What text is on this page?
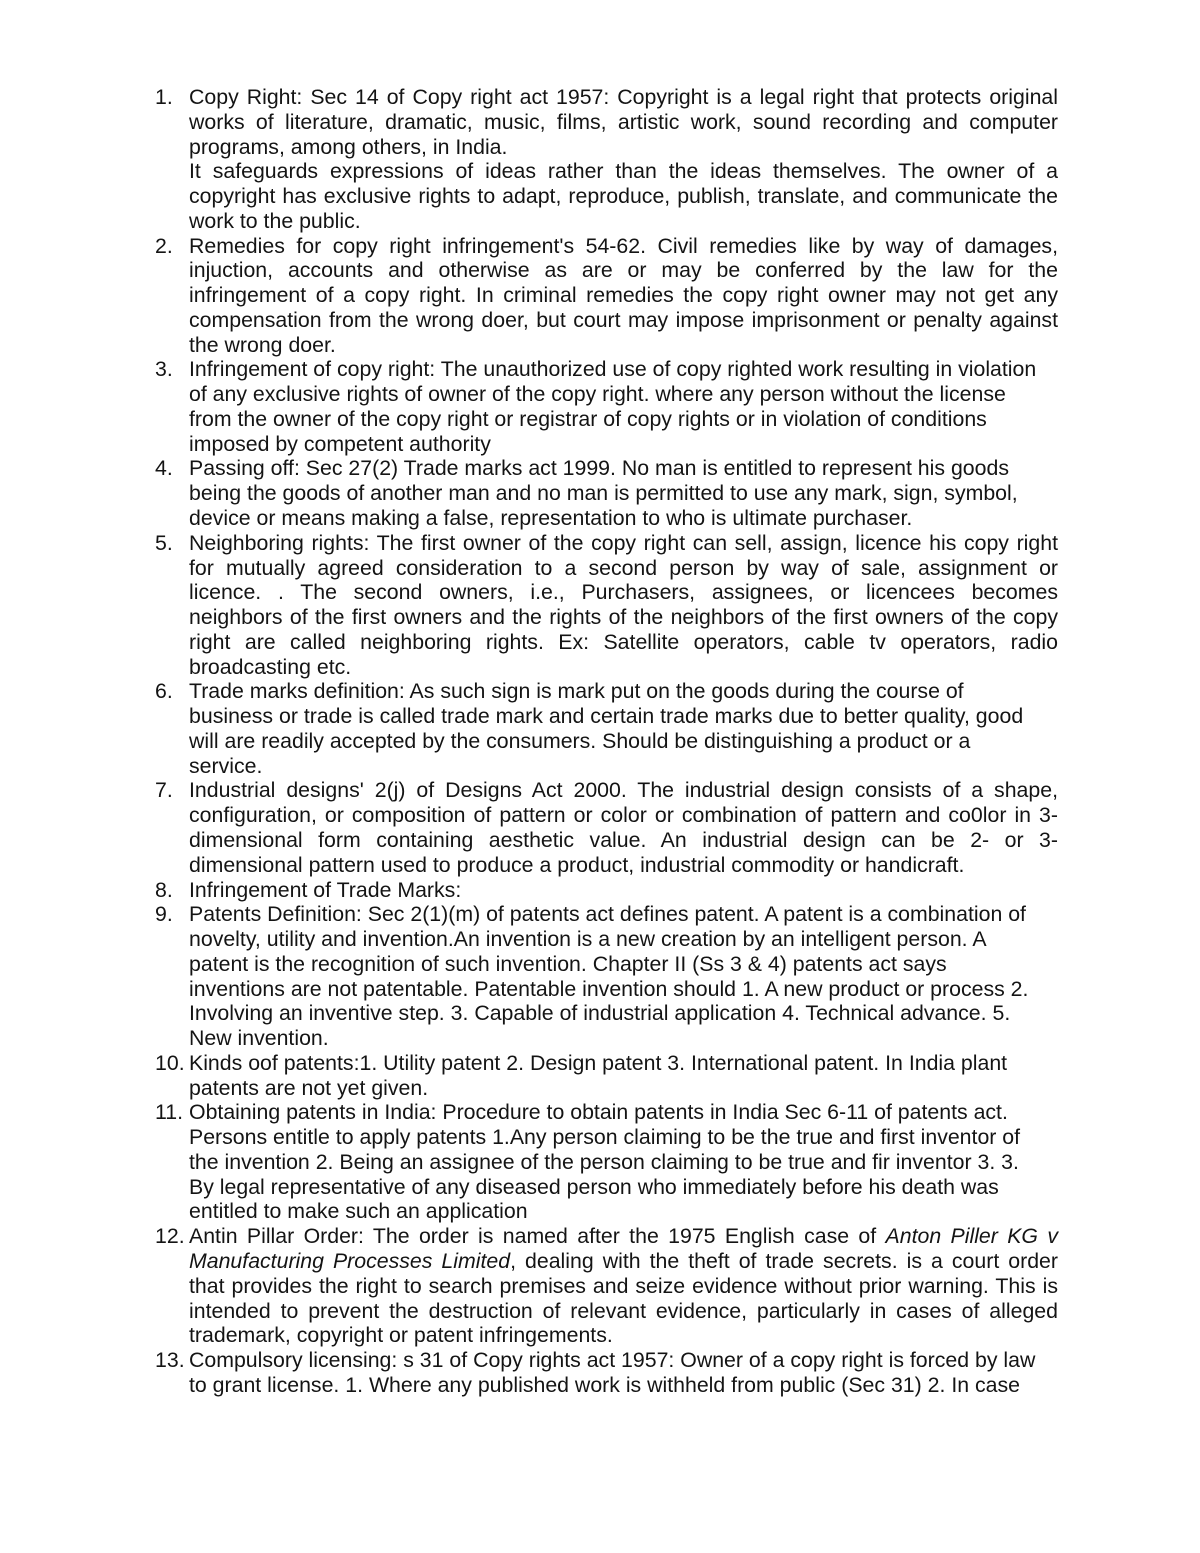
1. Copy Right: Sec 14 of Copy right act 1957: Copyright is a legal right that protects original
works of literature, dramatic, music, films, artistic work, sound recording and computer
programs, among others, in India.
It safeguards expressions of ideas rather than the ideas themselves. The owner of a
copyright has exclusive rights to adapt, reproduce, publish, translate, and communicate the
work to the public.
2. Remedies for copy right infringement's 54-62. Civil remedies like by way of damages,
injuction, accounts and otherwise as are or may be conferred by the law for the
infringement of a copy right. In criminal remedies the copy right owner may not get any
compensation from the wrong doer, but court may impose imprisonment or penalty against
the wrong doer.
3. Infringement of copy right: The unauthorized use of copy righted work resulting in violation
of any exclusive rights of owner of the copy right. where any person without the license
from the owner of the copy right or registrar of copy rights or in violation of conditions
imposed by competent authority
4. Passing off: Sec 27(2) Trade marks act 1999. No man is entitled to represent his goods
being the goods of another man and no man is permitted to use any mark, sign, symbol,
device or means making a false, representation to who is ultimate purchaser.
5. Neighboring rights: The first owner of the copy right can sell, assign, licence his copy right
for mutually agreed consideration to a second person by way of sale, assignment or
licence. . The second owners, i.e., Purchasers, assignees, or licencees becomes
neighbors of the first owners and the rights of the neighbors of the first owners of the copy
right are called neighboring rights. Ex: Satellite operators, cable tv operators, radio
broadcasting etc.
6. Trade marks definition: As such sign is mark put on the goods during the course of
business or trade is called trade mark and certain trade marks due to better quality, good
will are readily accepted by the consumers. Should be distinguishing a product or a
service.
7. Industrial designs' 2(j) of Designs Act 2000. The industrial design consists of a shape,
configuration, or composition of pattern or color or combination of pattern and co0lor in 3-
dimensional form containing aesthetic value. An industrial design can be 2- or 3-
dimensional pattern used to produce a product, industrial commodity or handicraft.
8. Infringement of Trade Marks:
9. Patents Definition: Sec 2(1)(m) of patents act defines patent. A patent is a combination of
novelty, utility and invention.An invention is a new creation by an intelligent person. A
patent is the recognition of such invention. Chapter II (Ss 3 & 4) patents act says
inventions are not patentable. Patentable invention should 1. A new product or process 2.
Involving an inventive step. 3. Capable of industrial application 4. Technical advance. 5.
New invention.
10. Kinds oof patents:1. Utility patent 2. Design patent 3. International patent. In India plant
patents are not yet given.
11. Obtaining patents in India: Procedure to obtain patents in India Sec 6-11 of patents act.
Persons entitle to apply patents 1.Any person claiming to be the true and first inventor of
the invention 2. Being an assignee of the person claiming to be true and fir inventor 3. 3.
By legal representative of any diseased person who immediately before his death was
entitled to make such an application
12. Antin Pillar Order: The order is named after the 1975 English case of Anton Piller KG v
Manufacturing Processes Limited, dealing with the theft of trade secrets. is a court order
that provides the right to search premises and seize evidence without prior warning. This is
intended to prevent the destruction of relevant evidence, particularly in cases of alleged
trademark, copyright or patent infringements.
13. Compulsory licensing: s 31 of Copy rights act 1957: Owner of a copy right is forced by law
to grant license. 1. Where any published work is withheld from public (Sec 31) 2. In case
